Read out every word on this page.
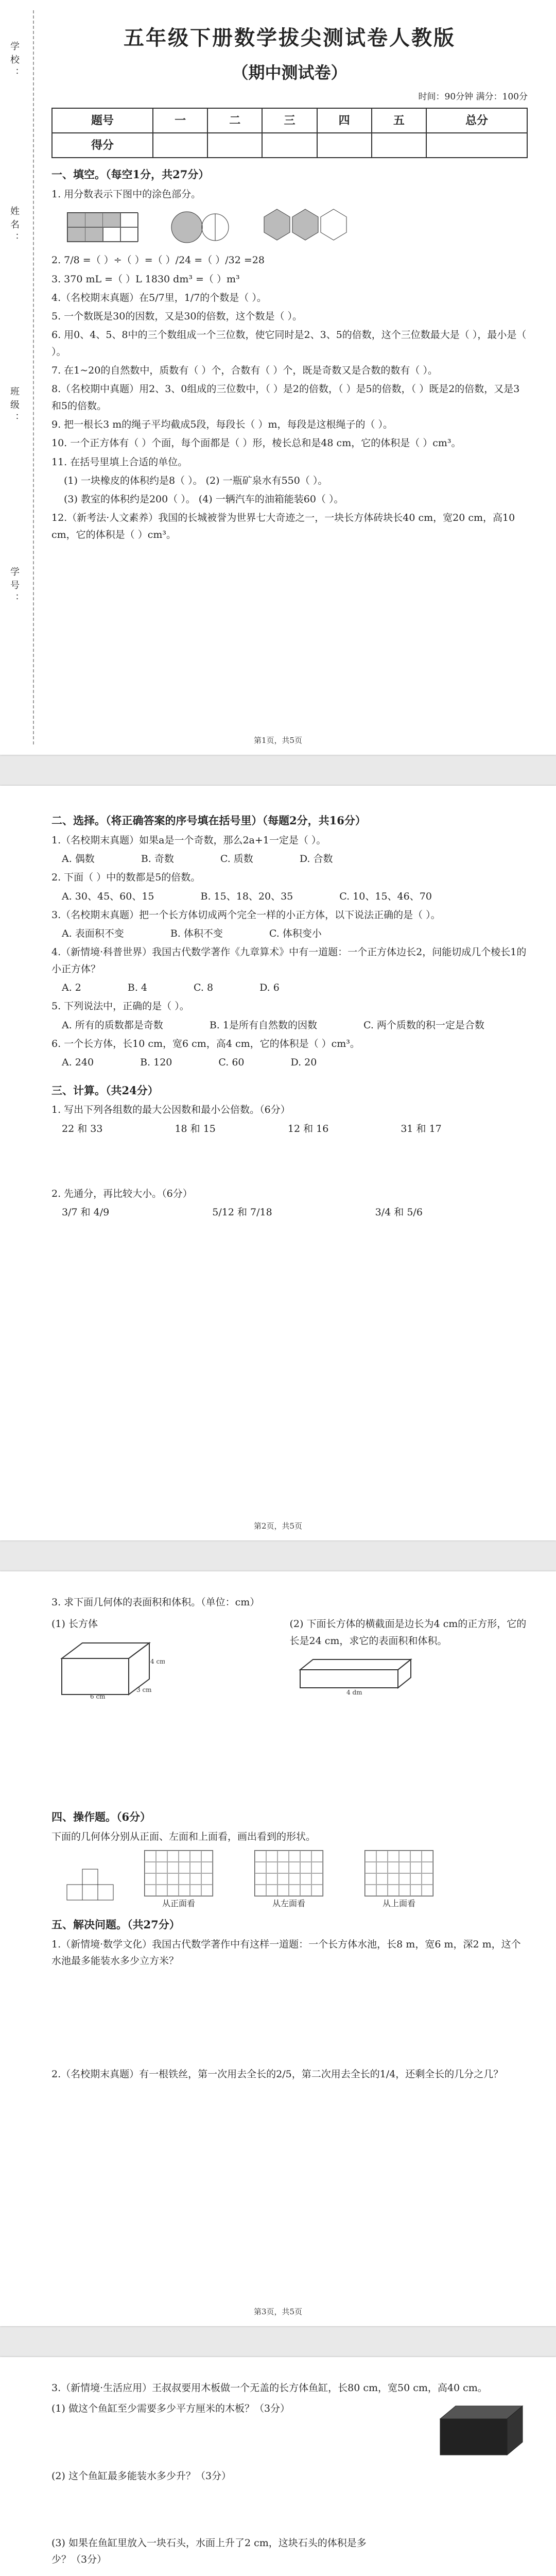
学校：
姓名：
班级：
学号：
五年级下册数学拔尖测试卷人教版
（期中测试卷）
时间：90分钟 满分：100分
题号	一	二	三	四	五	总分
得分						
一、填空。（每空1分，共27分）
1. 用分数表示下图中的涂色部分。
2. 7/8 =（ ）÷（ ）=（ ）/24 =（ ）/32 =28
3. 370 mL =（ ）L 1830 dm³ =（ ）m³
4.（名校期末真题）在5/7里，1/7的个数是（ ）。
5. 一个数既是30的因数，又是30的倍数，这个数是（ ）。
6. 用0、4、5、8中的三个数组成一个三位数，使它同时是2、3、5的倍数，这个三位数最大是（ ），最小是（ ）。
7. 在1~20的自然数中，质数有（ ）个，合数有（ ）个，既是奇数又是合数的数有（ ）。
8.（名校期中真题）用2、3、0组成的三位数中，（ ）是2的倍数，（ ）是5的倍数，（ ）既是2的倍数，又是3和5的倍数。
9. 把一根长3 m的绳子平均截成5段，每段长（ ）m，每段是这根绳子的（ ）。
10. 一个正方体有（ ）个面，每个面都是（ ）形，棱长总和是48 cm，它的体积是（ ）cm³。
11. 在括号里填上合适的单位。
(1) 一块橡皮的体积约是8（ ）。 (2) 一瓶矿泉水有550（ ）。
(3) 教室的体积约是200（ ）。 (4) 一辆汽车的油箱能装60（ ）。
12.（新考法·人文素养）我国的长城被誉为世界七大奇迹之一，一块长方体砖块长40 cm，宽20 cm，高10 cm，它的体积是（ ）cm³。
第1页，共5页
二、选择。（将正确答案的序号填在括号里）（每题2分，共16分）
1.（名校期末真题）如果a是一个奇数，那么2a+1一定是（ ）。
A. 偶数	B. 奇数	C. 质数	D. 合数
2. 下面（ ）中的数都是5的倍数。
A. 30、45、60、15	B. 15、18、20、35	C. 10、15、46、70
3.（名校期末真题）把一个长方体切成两个完全一样的小正方体，以下说法正确的是（ ）。
A. 表面积不变	B. 体积不变	C. 体积变小
4.（新情境·科普世界）我国古代数学著作《九章算术》中有一道题：一个正方体边长2，问能切成几个棱长1的小正方体？
A. 2	B. 4	C. 8	D. 6
5. 下列说法中，正确的是（ ）。
A. 所有的质数都是奇数	B. 1是所有自然数的因数	C. 两个质数的积一定是合数
6. 一个长方体，长10 cm，宽6 cm，高4 cm，它的体积是（ ）cm³。
A. 240	B. 120	C. 60	D. 20
三、计算。（共24分）
1. 写出下列各组数的最大公因数和最小公倍数。（6分）
22 和 33	18 和 15	12 和 16	31 和 17
2. 先通分，再比较大小。（6分）
3/7 和 4/9	5/12 和 7/18	3/4 和 5/6
第2页，共5页
3. 求下面几何体的表面积和体积。（单位：cm）
(1) 长方体
6 cm
3 cm
4 cm
(2) 下面长方体的横截面是边长为4 cm的正方形，它的长是24 cm，求它的表面积和体积。
4 dm
四、操作题。（6分）
下面的几何体分别从正面、左面和上面看，画出看到的形状。
从正面看	从左面看	从上面看
五、解决问题。（共27分）
1.（新情境·数学文化）我国古代数学著作中有这样一道题：一个长方体水池，长8 m，宽6 m，深2 m，这个水池最多能装水多少立方米？
2.（名校期末真题）有一根铁丝，第一次用去全长的2/5，第二次用去全长的1/4，还剩全长的几分之几？
第3页，共5页
3.（新情境·生活应用）王叔叔要用木板做一个无盖的长方体鱼缸，长80 cm，宽50 cm，高40 cm。
(1) 做这个鱼缸至少需要多少平方厘米的木板？（3分）
(2) 这个鱼缸最多能装水多少升？（3分）
(3) 如果在鱼缸里放入一块石头，水面上升了2 cm，这块石头的体积是多少？（3分）
